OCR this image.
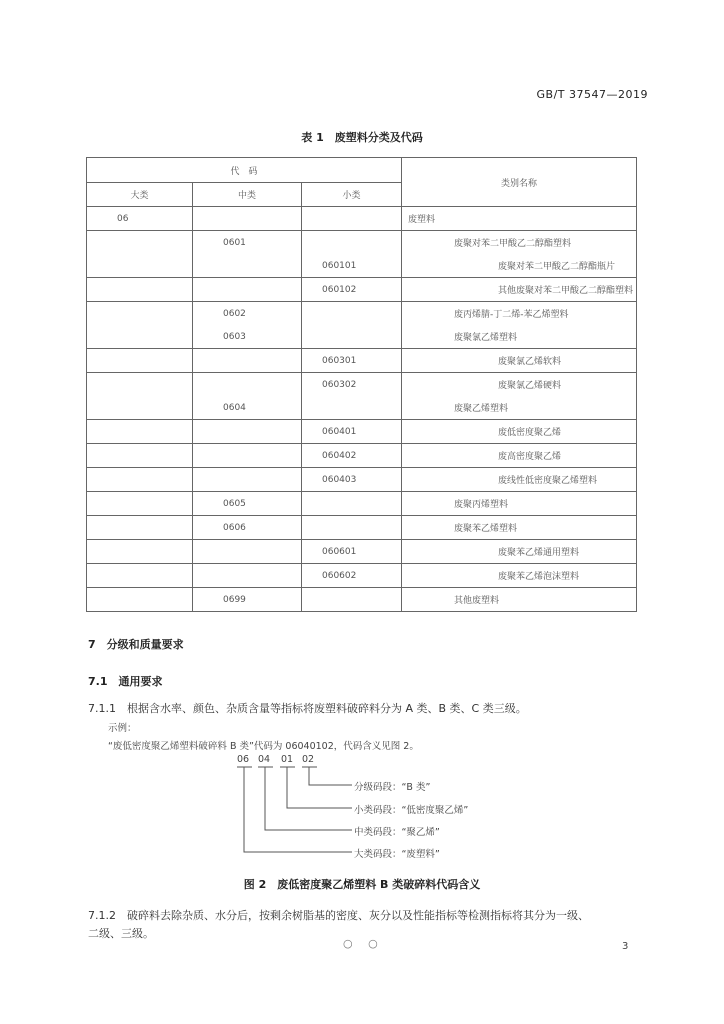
GB/T 37547—2019
表 1　废塑料分类及代码
代　码			类别名称
大类	中类	小类	
06			废塑料
	0601		废聚对苯二甲酸乙二醇酯塑料
		060101	废聚对苯二甲酸乙二醇酯瓶片
		060102	其他废聚对苯二甲酸乙二醇酯塑料
	0602		废丙烯腈-丁二烯-苯乙烯塑料
	0603		废聚氯乙烯塑料
		060301	废聚氯乙烯软料
		060302	废聚氯乙烯硬料
	0604		废聚乙烯塑料
		060401	废低密度聚乙烯
		060402	废高密度聚乙烯
		060403	废线性低密度聚乙烯塑料
	0605		废聚丙烯塑料
	0606		废聚苯乙烯塑料
		060601	废聚苯乙烯通用塑料
		060602	废聚苯乙烯泡沫塑料
	0699		其他废塑料
7　分级和质量要求
7.1　通用要求
7.1.1　根据含水率、颜色、杂质含量等指标将废塑料破碎料分为 A 类、B 类、C 类三级。
示例：
“废低密度聚乙烯塑料破碎料 B 类”代码为 06040102，代码含义见图 2。
06 04 01 02
分级码段：“B 类”
小类码段：“低密度聚乙烯”
中类码段：“聚乙烯”
大类码段：“废塑料”
图 2　废低密度聚乙烯塑料 B 类破碎料代码含义
7.1.2　破碎料去除杂质、水分后，按剩余树脂基的密度、灰分以及性能指标等检测指标将其分为一级、
二级、三级。
○ ○	3
